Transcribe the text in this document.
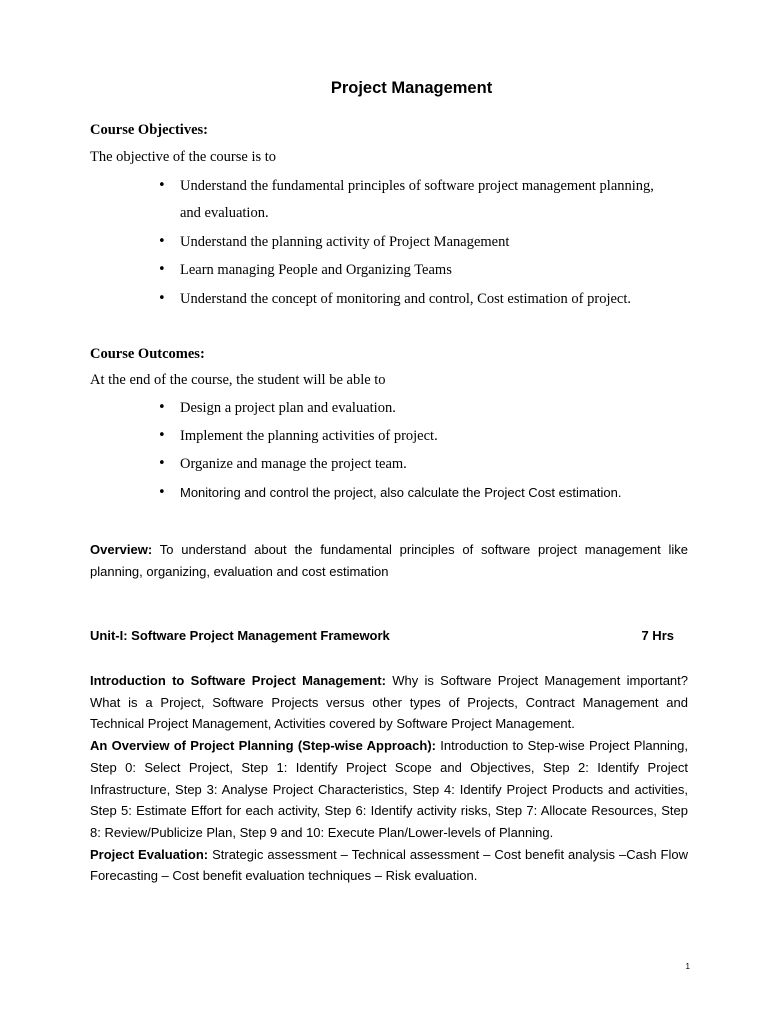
Project Management
Course Objectives:
The objective of the course is to
• Understand the fundamental principles of software project management planning,
and evaluation.
• Understand the planning activity of Project Management
• Learn managing People and Organizing Teams
• Understand the concept of monitoring and control, Cost estimation of project.
Course Outcomes:
At the end of the course, the student will be able to
• Design a project plan and evaluation.
• Implement the planning activities of project.
• Organize and manage the project team.
• Monitoring and control the project, also calculate the Project Cost estimation.

Overview: To understand about the fundamental principles of software project management like planning, organizing, evaluation and cost estimation

Unit-I: Software Project Management Framework	7 Hrs

Introduction to Software Project Management: Why is Software Project Management important? What is a Project, Software Projects versus other types of Projects, Contract Management and Technical Project Management, Activities covered by Software Project Management.

An Overview of Project Planning (Step-wise Approach): Introduction to Step-wise Project Planning, Step 0: Select Project, Step 1: Identify Project Scope and Objectives, Step 2: Identify Project Infrastructure, Step 3: Analyse Project Characteristics, Step 4: Identify Project Products and activities, Step 5: Estimate Effort for each activity, Step 6: Identify activity risks, Step 7: Allocate Resources, Step 8: Review/Publicize Plan, Step 9 and 10: Execute Plan/Lower-levels of Planning.

Project Evaluation: Strategic assessment – Technical assessment – Cost benefit analysis –Cash Flow Forecasting – Cost benefit evaluation techniques – Risk evaluation.

1
